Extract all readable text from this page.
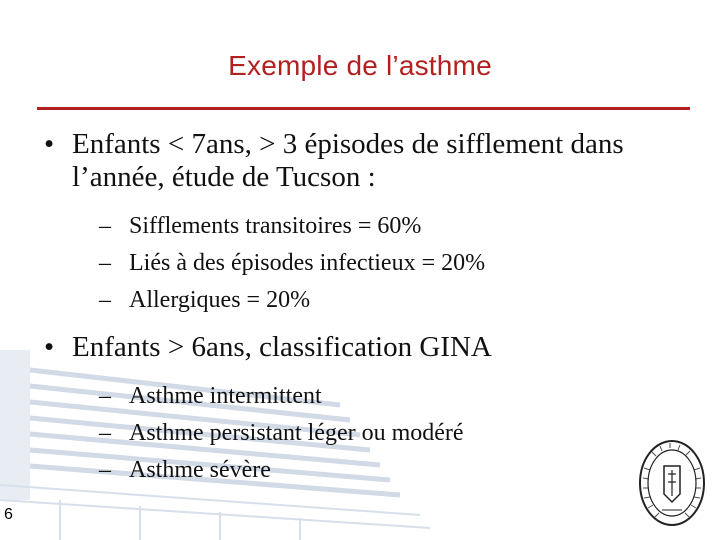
Exemple de l’asthme
• Enfants < 7ans, > 3 épisodes de sifflement dans l’année, étude de Tucson :
– Sifflements transitoires = 60%
– Liés à des épisodes infectieux = 20%
– Allergiques = 20%
• Enfants > 6ans, classification GINA
– Asthme intermittent
– Asthme persistant léger ou modéré
– Asthme sévère
6
